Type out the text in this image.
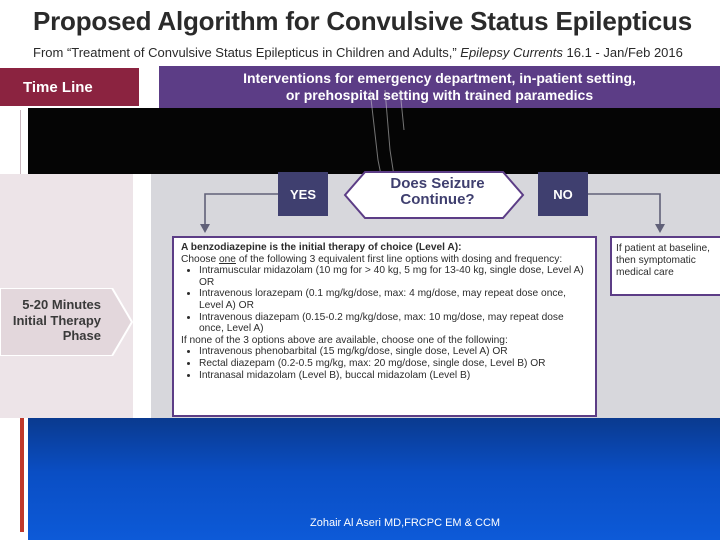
Proposed Algorithm for Convulsive Status Epilepticus
From “Treatment of Convulsive Status Epilepticus in Children and Adults,” Epilepsy Currents 16.1 - Jan/Feb 2016
Time Line
Interventions for emergency department, in-patient setting,
or prehospital setting with trained paramedics
5-20 Minutes
Initial Therapy
Phase
YES	NO
Does Seizure
Continue?
A benzodiazepine is the initial therapy of choice (Level A):
Choose one of the following 3 equivalent first line options with dosing and frequency:
• Intramuscular midazolam (10 mg for > 40 kg, 5 mg for 13-40 kg, single dose, Level A) OR
• Intravenous lorazepam (0.1 mg/kg/dose, max: 4 mg/dose, may repeat dose once, Level A) OR
• Intravenous diazepam (0.15-0.2 mg/kg/dose, max: 10 mg/dose, may repeat dose once, Level A)
If none of the 3 options above are available, choose one of the following:
• Intravenous phenobarbital (15 mg/kg/dose, single dose, Level A) OR
• Rectal diazepam (0.2-0.5 mg/kg, max: 20 mg/dose, single dose, Level B) OR
• Intranasal midazolam (Level B), buccal midazolam (Level B)
If patient at baseline, then symptomatic medical care
Zohair Al Aseri MD,FRCPC EM & CCM
